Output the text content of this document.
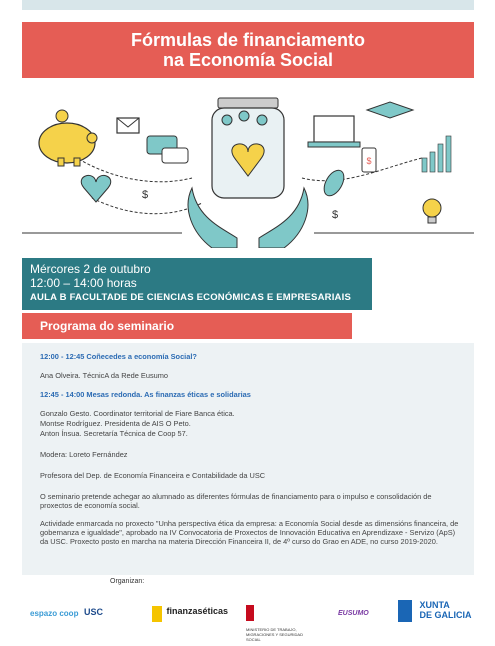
Fórmulas de financiamento
na Economía Social
$
$
$
Mércores 2 de outubro
12:00 – 14:00 horas
AULA B FACULTADE DE CIENCIAS ECONÓMICAS E EMPRESARIAIS
Programa do seminario
12:00 - 12:45 Coñecedes a economía Social?
Ana Olveira. TécnicA da Rede Eusumo
12:45 - 14:00 Mesas redonda. As finanzas éticas e solidarias
Gonzalo Gesto. Coordinator territorial de Fiare Banca ética.
Montse Rodríguez. Presidenta de AIS O Peto.
Anton Ínsua. Secretaría Técnica de Coop 57.
Modera: Loreto Fernández
Profesora del Dep. de Economía Financeira e Contabilidade da USC
O seminario pretende achegar ao alumnado as diferentes fórmulas de financiamento para o impulso e consolidación de proxectos de economía social.
Actividade enmarcada no proxecto "Unha perspectiva ética da empresa: a Economía Social desde as dimensións financeira, de gobernanza e igualdade", aprobado na IV Convocatoria de Proxectos de Innovación Educativa en Aprendizaxe - Servizo (ApS) da USC. Proxecto posto en marcha na materia Dirección Financeira II, de 4º curso do Grao en ADE, no curso 2019-2020.
Organizan:
espazo coop USC	finanzaséticas
MINISTERIO DE TRABAJO, MIGRACIONES Y SEGURIDAD SOCIAL
EUSUMO

XUNTA
DE GALICIA
